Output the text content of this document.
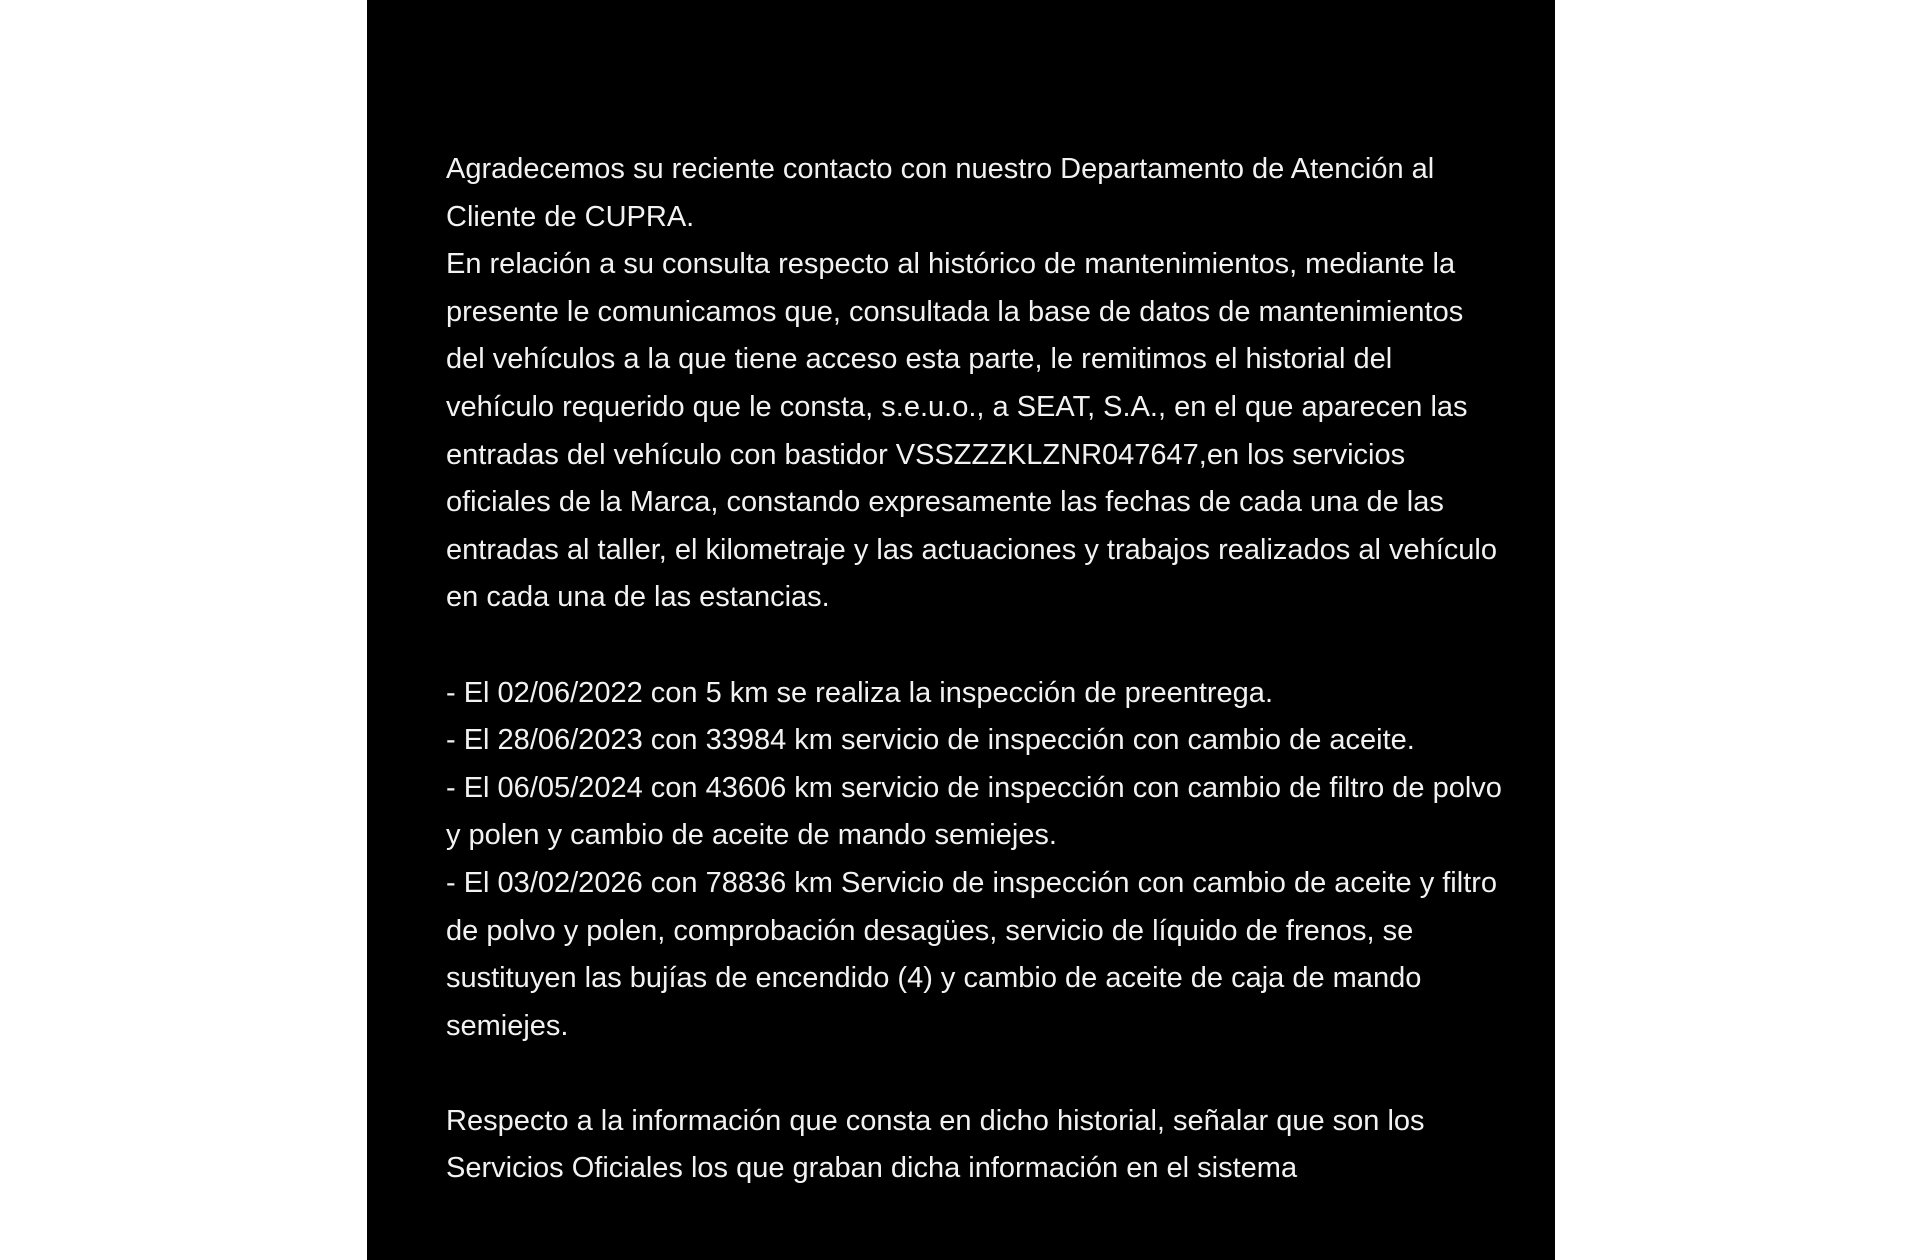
Agradecemos su reciente contacto con nuestro Departamento de Atención al Cliente de CUPRA.

En relación a su consulta respecto al histórico de mantenimientos, mediante la presente le comunicamos que, consultada la base de datos de mantenimientos del vehículos a la que tiene acceso esta parte, le remitimos el historial del vehículo requerido que le consta, s.e.u.o., a SEAT, S.A., en el que aparecen las entradas del vehículo con bastidor VSSZZZKLZNR047647,en los servicios oficiales de la Marca, constando expresamente las fechas de cada una de las entradas al taller, el kilometraje y las actuaciones y trabajos realizados al vehículo en cada una de las estancias.

- El 02/06/2022 con 5 km se realiza la inspección de preentrega.

- El 28/06/2023 con 33984 km servicio de inspección con cambio de aceite.

- El 06/05/2024 con 43606 km servicio de inspección con cambio de filtro de polvo y polen y cambio de aceite de mando semiejes.

- El 03/02/2026 con 78836 km Servicio de inspección con cambio de aceite y filtro de polvo y polen, comprobación desagües, servicio de líquido de frenos, se sustituyen las bujías de encendido (4) y cambio de aceite de caja de mando semiejes.

Respecto a la información que consta en dicho historial, señalar que son los Servicios Oficiales los que graban dicha información en el sistema
